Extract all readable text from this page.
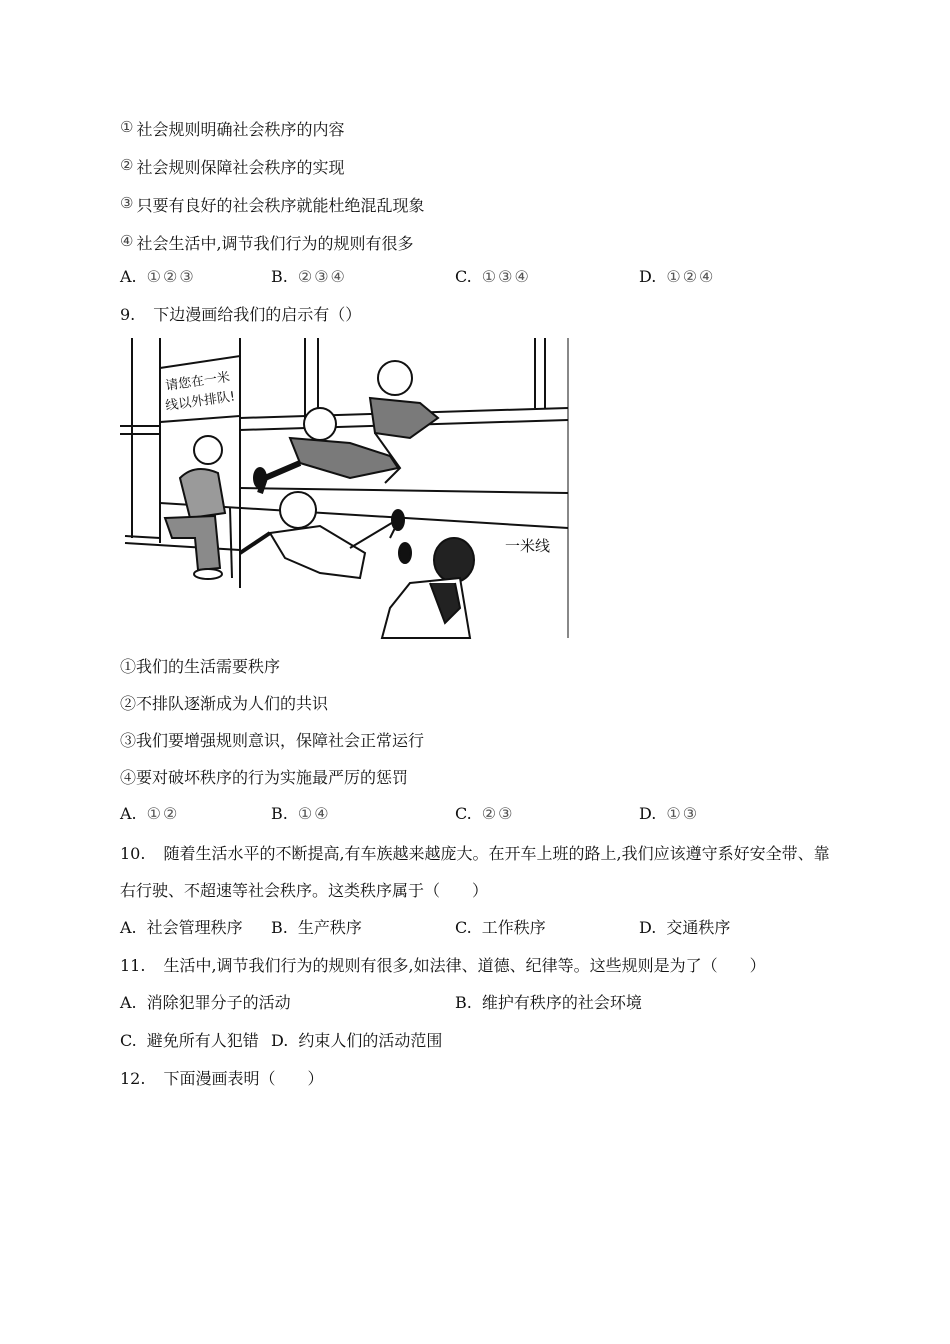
① 社会规则明确社会秩序的内容
② 社会规则保障社会秩序的实现
③ 只要有良好的社会秩序就能杜绝混乱现象
④ 社会生活中,调节我们行为的规则有很多
A. ①②③	B. ②③④	C. ①③④	D. ①②④
9. 下边漫画给我们的启示有（）
请您在一米
线以外排队!
一米线
①我们的生活需要秩序
②不排队逐渐成为人们的共识
③我们要增强规则意识，保障社会正常运行
④要对破坏秩序的行为实施最严厉的惩罚
A. ①②	B. ①④	C. ②③	D. ①③
10. 随着生活水平的不断提高,有车族越来越庞大。在开车上班的路上,我们应该遵守系好安全带、靠
右行驶、不超速等社会秩序。这类秩序属于（　　）
A. 社会管理秩序 B. 生产秩序	C. 工作秩序	D. 交通秩序
11. 生活中,调节我们行为的规则有很多,如法律、道德、纪律等。这些规则是为了（　　）
A. 消除犯罪分子的活动	B. 维护有秩序的社会环境
C. 避免所有人犯错 D. 约束人们的活动范围
12. 下面漫画表明（　　）
